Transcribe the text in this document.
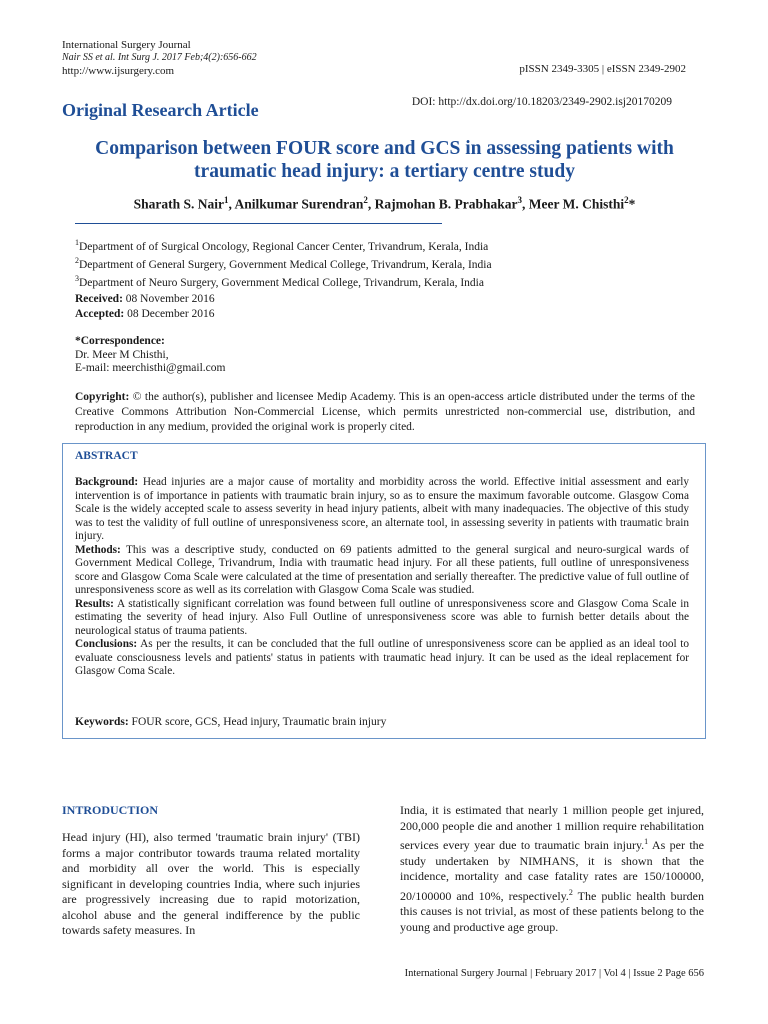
International Surgery Journal
Nair SS et al. Int Surg J. 2017 Feb;4(2):656-662
http://www.ijsurgery.com	pISSN 2349-3305 | eISSN 2349-2902
DOI: http://dx.doi.org/10.18203/2349-2902.isj20170209
Original Research Article
Comparison between FOUR score and GCS in assessing patients with traumatic head injury: a tertiary centre study
Sharath S. Nair$^1$, Anilkumar Surendran$^2$, Rajmohan B. Prabhakar$^3$, Meer M. Chisthi$^2$*
$^1$Department of of Surgical Oncology, Regional Cancer Center, Trivandrum, Kerala, India
$^2$Department of General Surgery, Government Medical College, Trivandrum, Kerala, India
$^3$Department of Neuro Surgery, Government Medical College, Trivandrum, Kerala, India
Received: 08 November 2016
Accepted: 08 December 2016
*Correspondence:
Dr. Meer M Chisthi,
E-mail: meerchisthi@gmail.com
Copyright: © the author(s), publisher and licensee Medip Academy. This is an open-access article distributed under the terms of the Creative Commons Attribution Non-Commercial License, which permits unrestricted non-commercial use, distribution, and reproduction in any medium, provided the original work is properly cited.
ABSTRACT

Background: Head injuries are a major cause of mortality and morbidity across the world. Effective initial assessment and early intervention is of importance in patients with traumatic brain injury, so as to ensure the maximum favorable outcome. Glasgow Coma Scale is the widely accepted scale to assess severity in head injury patients, albeit with many inadequacies. The objective of this study was to test the validity of full outline of unresponsiveness score, an alternate tool, in assessing severity in patients with traumatic brain injury.

Methods: This was a descriptive study, conducted on 69 patients admitted to the general surgical and neuro-surgical wards of Government Medical College, Trivandrum, India with traumatic head injury. For all these patients, full outline of unresponsiveness score and Glasgow Coma Scale were calculated at the time of presentation and serially thereafter. The predictive value of full outline of unresponsiveness score as well as its correlation with Glasgow Coma Scale was studied.

Results: A statistically significant correlation was found between full outline of unresponsiveness score and Glasgow Coma Scale in estimating the severity of head injury. Also Full Outline of unresponsiveness score was able to furnish better details about the neurological status of trauma patients.

Conclusions: As per the results, it can be concluded that the full outline of unresponsiveness score can be applied as an ideal tool to evaluate consciousness levels and patients' status in patients with traumatic head injury. It can be used as the ideal replacement for Glasgow Coma Scale.

Keywords: FOUR score, GCS, Head injury, Traumatic brain injury
INTRODUCTION

Head injury (HI), also termed 'traumatic brain injury' (TBI) forms a major contributor towards trauma related mortality and morbidity all over the world. This is especially significant in developing countries India, where such injuries are progressively increasing due to rapid motorization, alcohol abuse and the general indifference by the public towards safety measures. In

India, it is estimated that nearly 1 million people get injured, 200,000 people die and another 1 million require rehabilitation services every year due to traumatic brain injury.$^1$ As per the study undertaken by NIMHANS, it is shown that the incidence, mortality and case fatality rates are 150/100000, 20/100000 and 10%, respectively.$^2$ The public health burden this causes is not trivial, as most of these patients belong to the young and productive age group.

International Surgery Journal | February 2017 | Vol 4 | Issue 2 Page 656
